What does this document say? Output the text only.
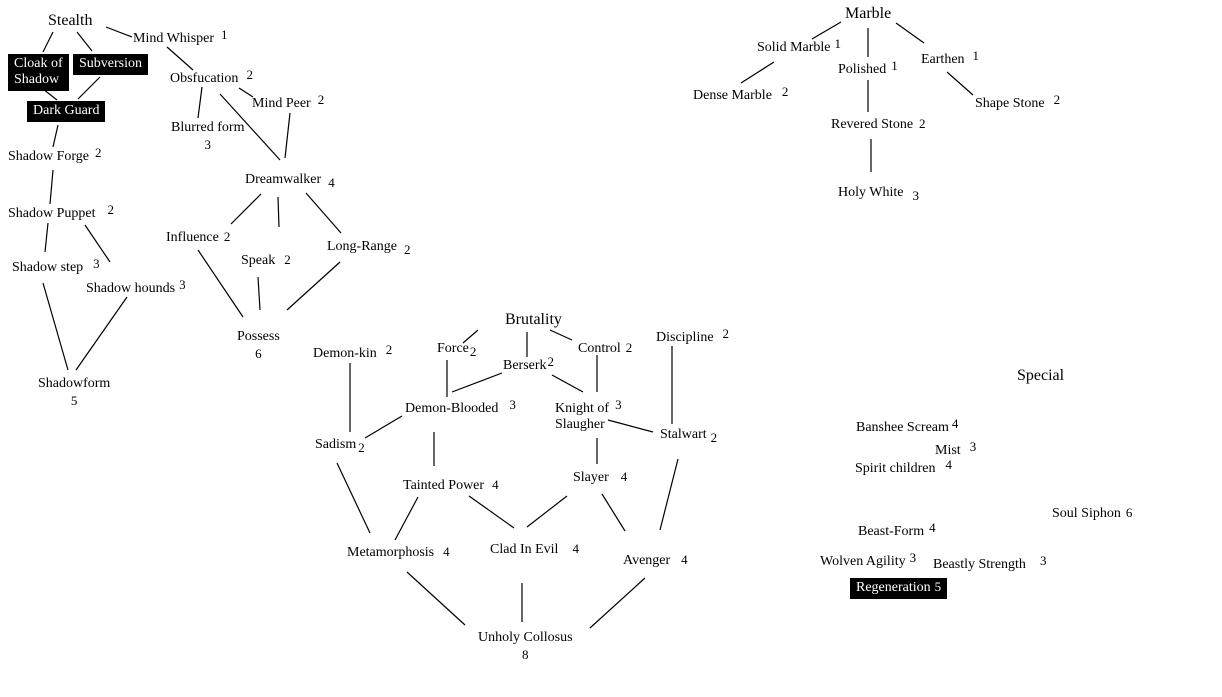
Stealth
Mind Whisper 1
Cloak of
Shadow
Subversion
Obsfucation 2
Dark Guard	Mind Peer 2
Blurred form
3
Shadow Forge 2
Shadow Puppet 2
Shadow step 3
Shadow hounds 3
Dreamwalker 4
Influence 2
Speak 2
Long-Range 2
Possess
6
Shadowform
5
Marble
Solid Marble 1
Polished 1 Earthen 1
Dense Marble 2
Shape Stone 2
Revered Stone 2
Holy White 3
Brutality
Demon-kin 2	Force2
Berserk2
Control 2
Discipline 2
Demon-Blooded 3	Knight of 3
Slaugher
Stalwart 2
Sadism 2
Tainted Power 4	Slayer 4
Metamorphosis 4	Clad In Evil 4
Avenger 4
Unholy Collosus
8
Special
Banshee Scream 4
Mist 3
Spirit children 4
Soul Siphon 6
Beast-Form 4
Wolven Agility 3 Beastly Strength 3
Regeneration 5
